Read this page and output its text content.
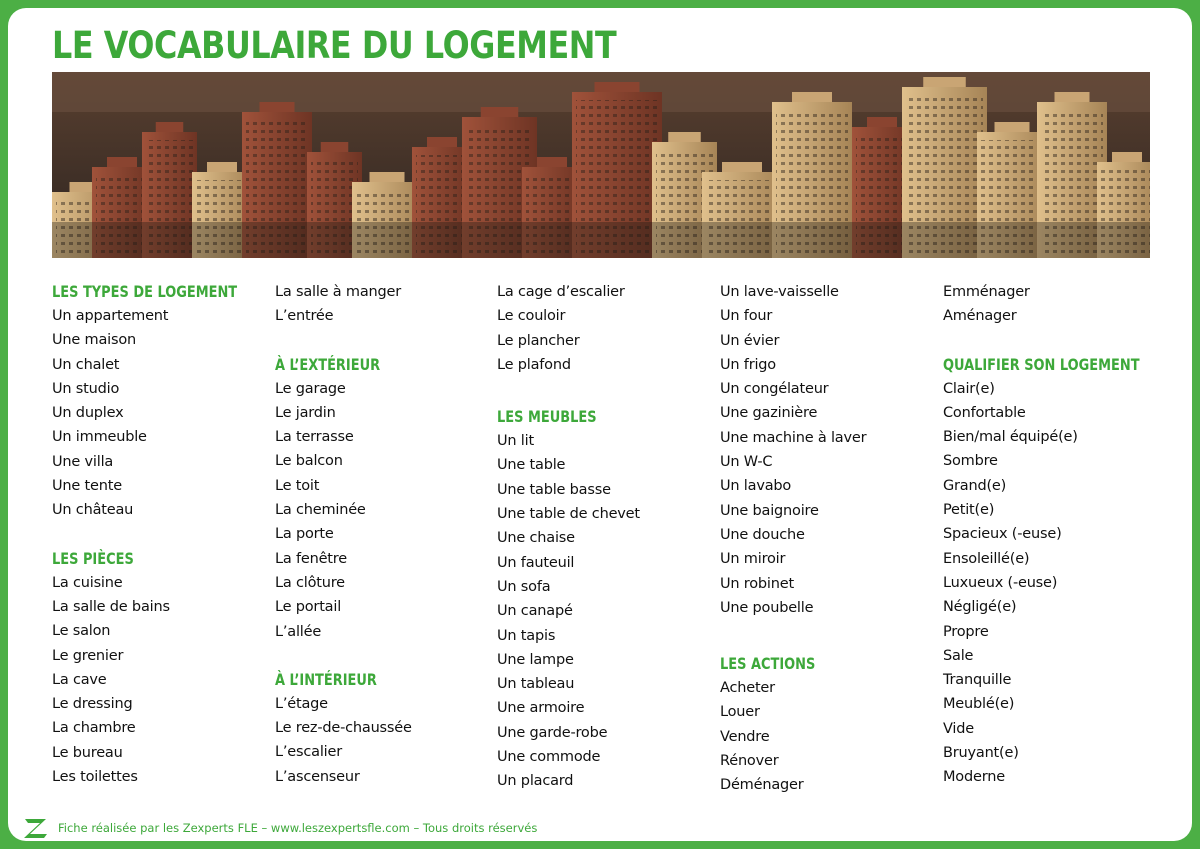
LE VOCABULAIRE DU LOGEMENT
LES TYPES DE LOGEMENT
Un appartement
Une maison
Un chalet
Un studio
Un duplex
Un immeuble
Une villa
Une tente
Un château
LES PIÈCES
La cuisine
La salle de bains
Le salon
Le grenier
La cave
Le dressing
La chambre
Le bureau
Les toilettes
La salle à manger
L’entrée
À L’EXTÉRIEUR
Le garage
Le jardin
La terrasse
Le balcon
Le toit
La cheminée
La porte
La fenêtre
La clôture
Le portail
L’allée
À L’INTÉRIEUR
L’étage
Le rez-de-chaussée
L’escalier
L’ascenseur
La cage d’escalier
Le couloir
Le plancher
Le plafond
LES MEUBLES
Un lit
Une table
Une table basse
Une table de chevet
Une chaise
Un fauteuil
Un sofa
Un canapé
Un tapis
Une lampe
Un tableau
Une armoire
Une garde-robe
Une commode
Un placard
Un lave-vaisselle
Un four
Un évier
Un frigo
Un congélateur
Une gazinière
Une machine à laver
Un W-C
Un lavabo
Une baignoire
Une douche
Un miroir
Un robinet
Une poubelle
LES ACTIONS
Acheter
Louer
Vendre
Rénover
Déménager
Emménager
Aménager
QUALIFIER SON LOGEMENT
Clair(e)
Confortable
Bien/mal équipé(e)
Sombre
Grand(e)
Petit(e)
Spacieux (-euse)
Ensoleillé(e)
Luxueux (-euse)
Négligé(e)
Propre
Sale
Tranquille
Meublé(e)
Vide
Bruyant(e)
Moderne
Fiche réalisée par les Zexperts FLE – www.leszexpertsfle.com – Tous droits réservés
